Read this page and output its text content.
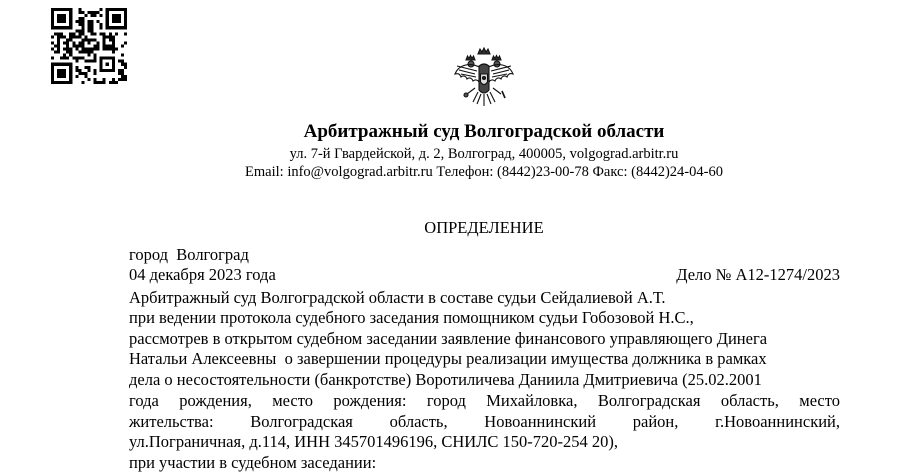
Арбитражный суд Волгоградской области
ул. 7-й Гвардейской, д. 2, Волгоград, 400005, volgograd.arbitr.ru
Email: info@volgograd.arbitr.ru Телефон: (8442)23-00-78 Факс: (8442)24-04-60
ОПРЕДЕЛЕНИЕ
город  Волгоград
04 декабря 2023 года	Дело № А12-1274/2023
Арбитражный суд Волгоградской области в составе судьи Сейдалиевой А.Т.
при ведении протокола судебного заседания помощником судьи Гобозовой Н.С.,
рассмотрев в открытом судебном заседании заявление финансового управляющего Динега
Натальи Алексеевны  о завершении процедуры реализации имущества должника в рамках
дела о несостоятельности (банкротстве) Воротиличева Даниила Дмитриевича (25.02.2001
года рождения, место рождения: город Михайловка, Волгоградская область, место
жительства: Волгоградская область, Новоаннинский район, г.Новоаннинский,
ул.Пограничная, д.114, ИНН 345701496196, СНИЛС 150-720-254 20),
при участии в судебном заседании:
